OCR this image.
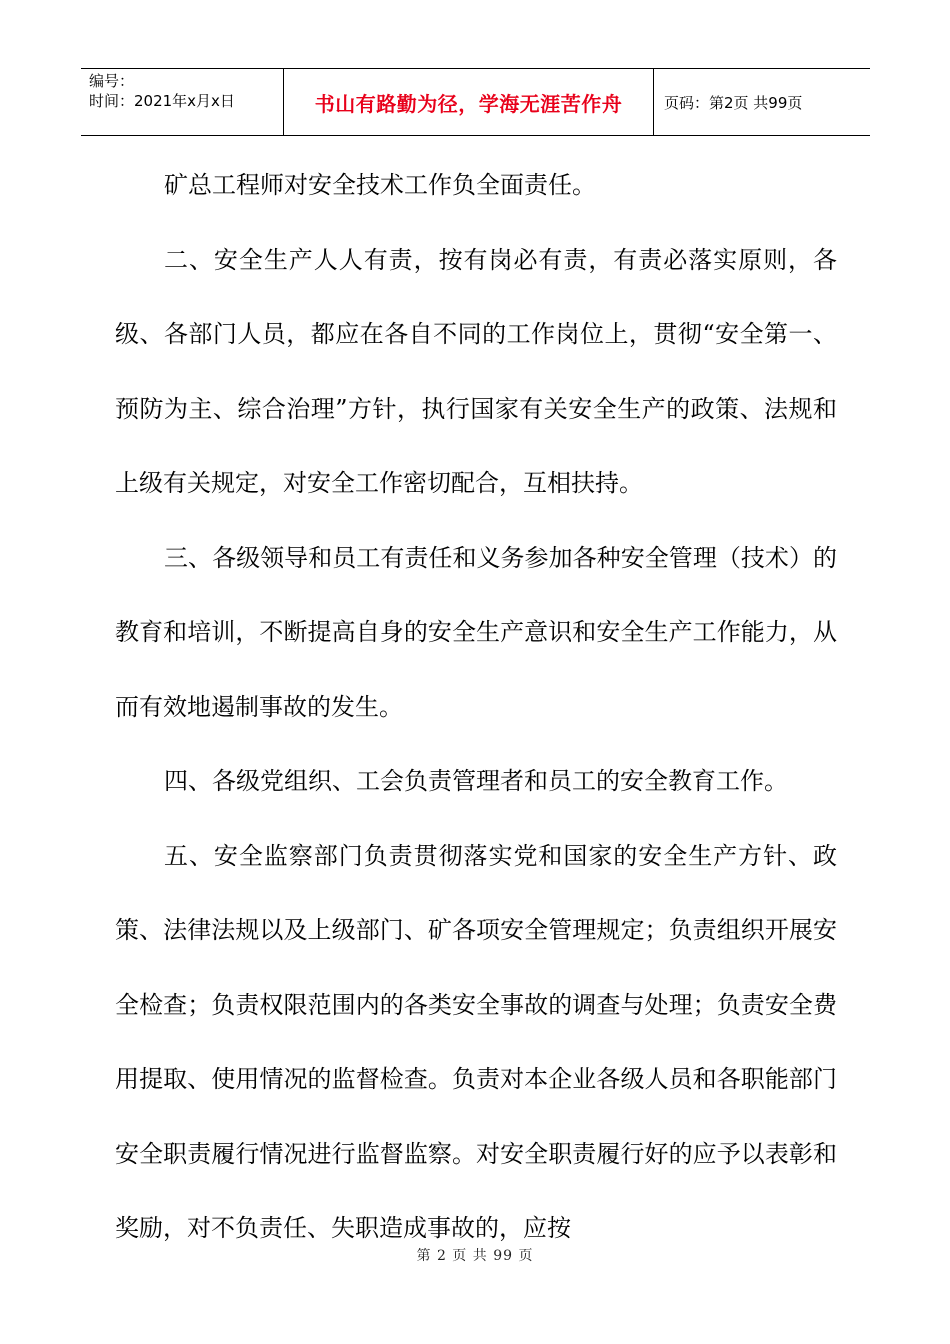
编号：
时间：2021年x月x日	书山有路勤为径，学海无涯苦作舟	页码：第2页 共99页

矿总工程师对安全技术工作负全面责任。

二、安全生产人人有责，按有岗必有责，有责必落实原则，各级、各部门人员，都应在各自不同的工作岗位上，贯彻“安全第一、预防为主、综合治理”方针，执行国家有关安全生产的政策、法规和上级有关规定，对安全工作密切配合，互相扶持。

三、各级领导和员工有责任和义务参加各种安全管理（技术）的教育和培训，不断提高自身的安全生产意识和安全生产工作能力，从而有效地遏制事故的发生。

四、各级党组织、工会负责管理者和员工的安全教育工作。

五、安全监察部门负责贯彻落实党和国家的安全生产方针、政策、法律法规以及上级部门、矿各项安全管理规定；负责组织开展安全检查；负责权限范围内的各类安全事故的调查与处理；负责安全费用提取、使用情况的监督检查。负责对本企业各级人员和各职能部门安全职责履行情况进行监督监察。对安全职责履行好的应予以表彰和奖励，对不负责任、失职造成事故的，应按

第 2 页 共 99 页
